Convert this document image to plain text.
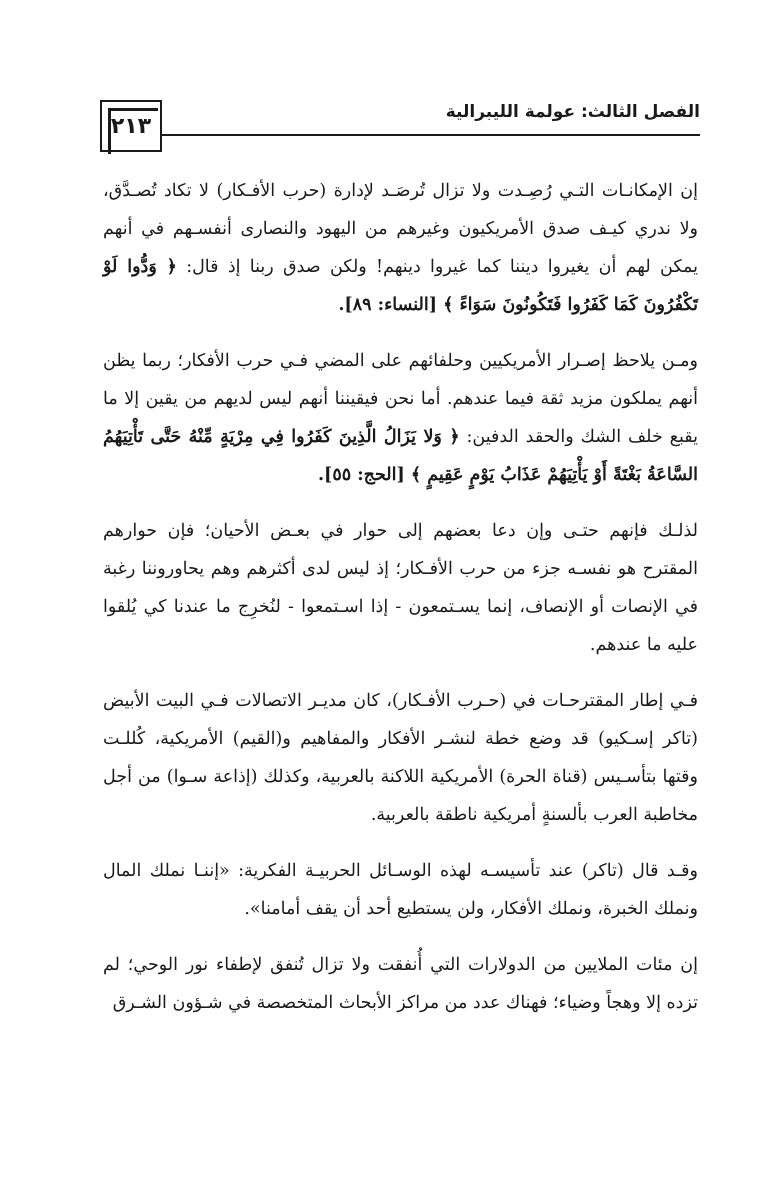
الفصل الثالث: عولمة الليبرالية
٢١٣

إن الإمكانـات التـي رُصِـدت ولا تزال تُرصَـد لإدارة (حرب الأفـكار) لا تكاد تُصـدَّق، ولا ندري كيـف صدق الأمريكيون وغيرهم من اليهود والنصارى أنفسـهم في أنهم يمكن لهم أن يغيروا ديننا كما غيروا دينهم! ولكن صدق ربنا إذ قال: ﴿ وَدُّوا لَوْ تَكْفُرُونَ كَمَا كَفَرُوا فَتَكُونُونَ سَوَاءً ﴾ [النساء: ٨٩].

ومـن يلاحظ إصـرار الأمريكيين وحلفائهم على المضي فـي حرب الأفكار؛ ربما يظن أنهم يملكون مزيد ثقة فيما عندهم. أما نحن فيقيننا أنهم ليس لديهم من يقين إلا ما يقبع خلف الشك والحقد الدفين: ﴿ وَلا يَزَالُ الَّذِينَ كَفَرُوا فِي مِرْيَةٍ مِّنْهُ حَتَّى تَأْتِيَهُمُ السَّاعَةُ بَغْتَةً أَوْ يَأْتِيَهُمْ عَذَابُ يَوْمٍ عَقِيمٍ ﴾ [الحج: ٥٥].

لذلـك فإنهم حتـى وإن دعا بعضهم إلى حوار في بعـض الأحيان؛ فإن حوارهم المقترح هو نفسـه جزء من حرب الأفـكار؛ إذ ليس لدى أكثرهم وهم يحاوروننا رغبة في الإنصات أو الإنصاف، إنما يسـتمعون - إذا اسـتمعوا - لنُخرِج ما عندنا كي يُلقوا عليه ما عندهم.

فـي إطار المقترحـات في (حـرب الأفـكار)، كان مديـر الاتصالات فـي البيت الأبيض (تاكر إسـكيو) قد وضع خطة لنشـر الأفكار والمفاهيم و(القيم) الأمريكية، كُللـت وقتها بتأسـيس (قناة الحرة) الأمريكية اللاكنة بالعربية، وكذلك (إذاعة سـوا) من أجل مخاطبة العرب بألسنةٍ أمريكية ناطقة بالعربية.

وقـد قال (تاكر) عند تأسيسـه لهذه الوسـائل الحربيـة الفكرية: «إننـا نملك المال ونملك الخبرة، ونملك الأفكار، ولن يستطيع أحد أن يقف أمامنا».

إن مئات الملايين من الدولارات التي أُنفقت ولا تزال تُنفق لإطفاء نور الوحي؛ لم تزده إلا وهجاً وضياء؛ فهناك عدد من مراكز الأبحاث المتخصصة في شـؤون الشـرق
